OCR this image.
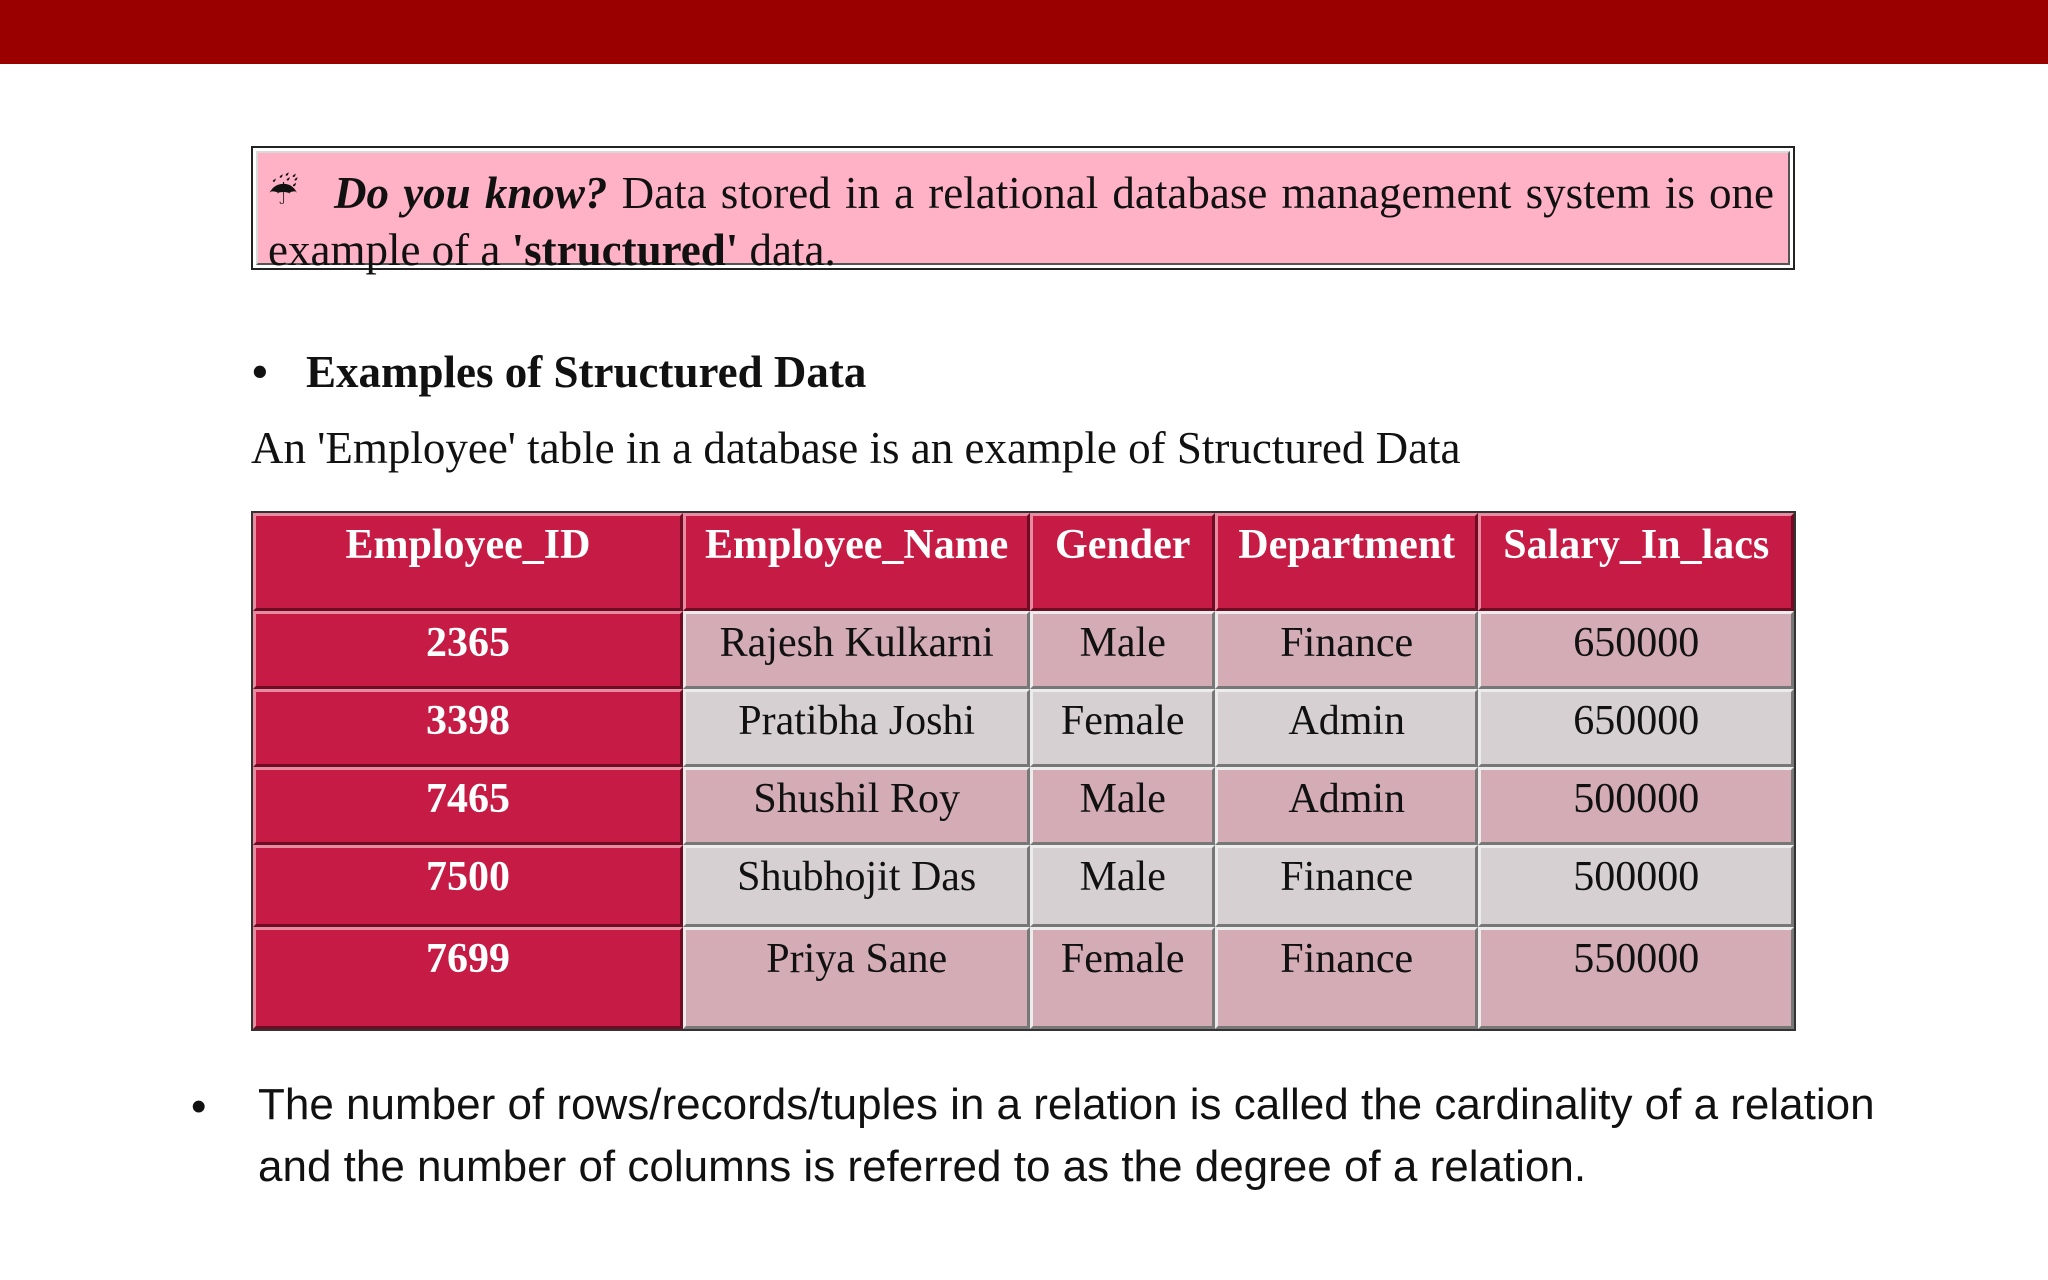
☔ Do you know? Data stored in a relational database management system is one example of a 'structured' data.
• Examples of Structured Data
An 'Employee' table in a database is an example of Structured Data
Employee_ID	Employee_Name	Gender	Department	Salary_In_lacs
2365	Rajesh Kulkarni	Male	Finance	650000
3398	Pratibha Joshi	Female	Admin	650000
7465	Shushil Roy	Male	Admin	500000
7500	Shubhojit Das	Male	Finance	500000
7699	Priya Sane	Female	Finance	550000
• The number of rows/records/tuples in a relation is called the cardinality of a relation and the number of columns is referred to as the degree of a relation.
